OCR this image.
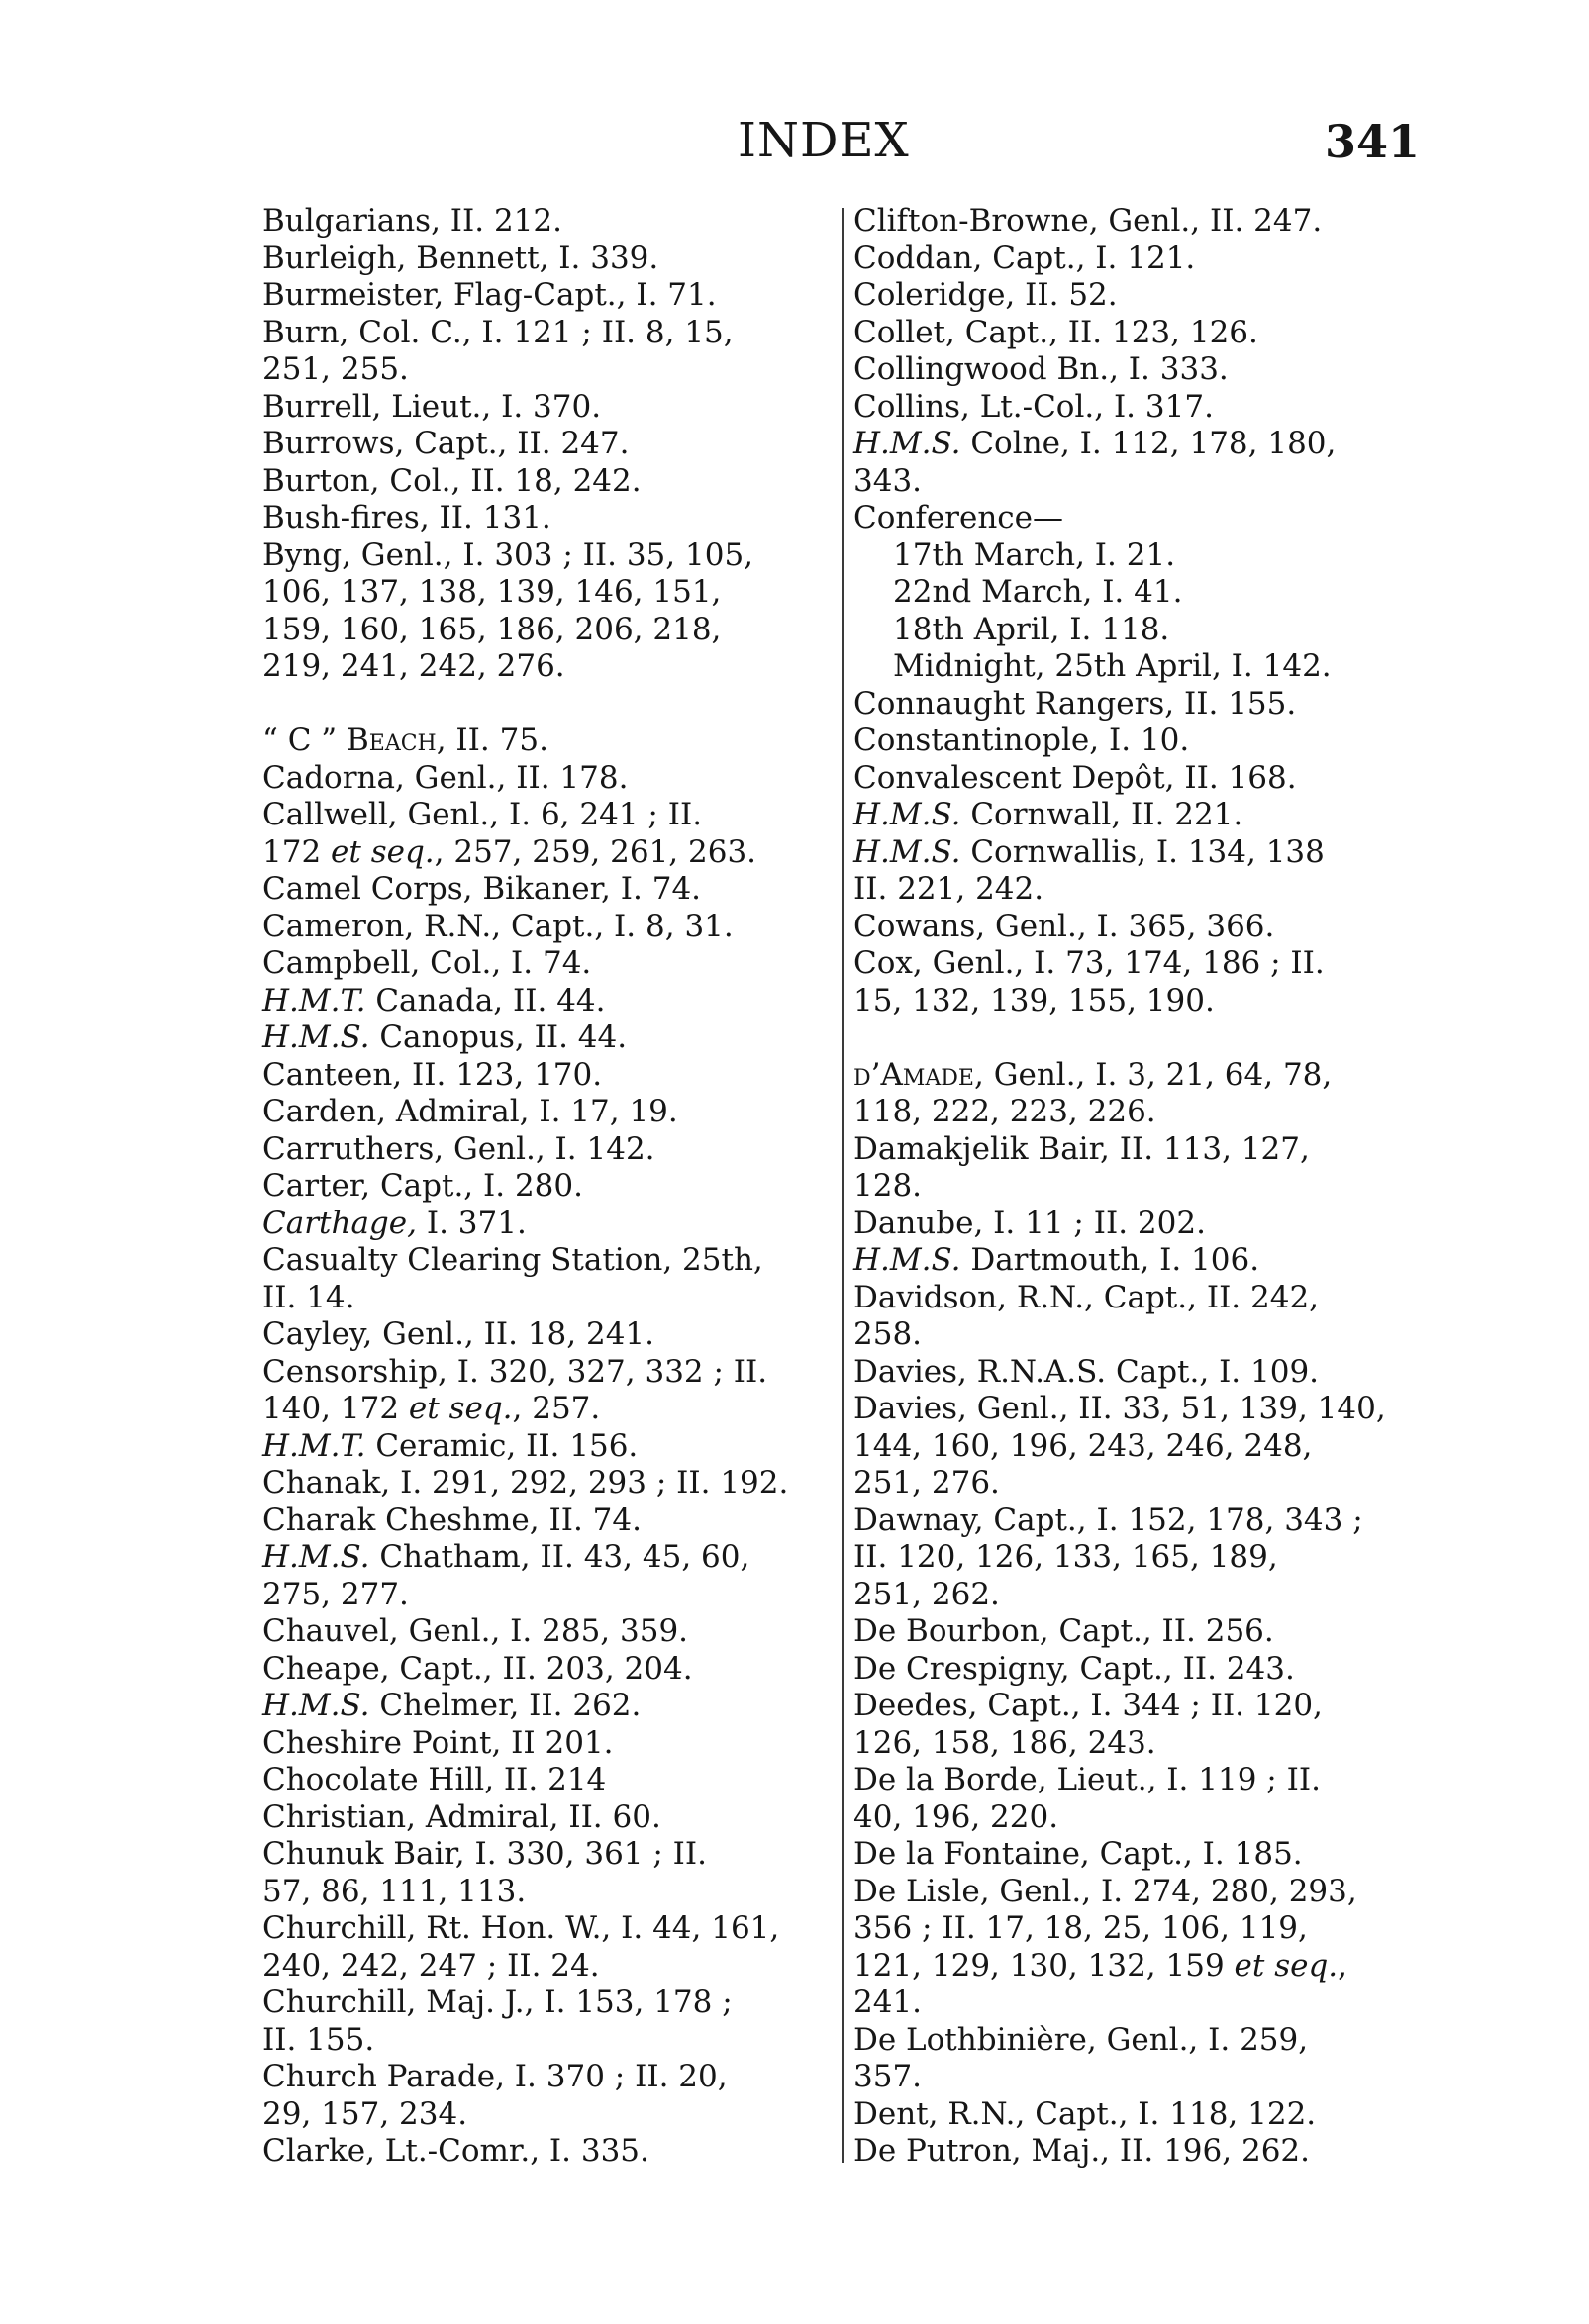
INDEX	341
Bulgarians, II. 212.
Burleigh, Bennett, I. 339.
Burmeister, Flag-Capt., I. 71.
Burn, Col. C., I. 121 ; II. 8, 15,
251, 255.
Burrell, Lieut., I. 370.
Burrows, Capt., II. 247.
Burton, Col., II. 18, 242.
Bush-fires, II. 131.
Byng, Genl., I. 303 ; II. 35, 105,
106, 137, 138, 139, 146, 151,
159, 160, 165, 186, 206, 218,
219, 241, 242, 276.
“ C ” Beach, II. 75.
Cadorna, Genl., II. 178.
Callwell, Genl., I. 6, 241 ; II.
172 et seq., 257, 259, 261, 263.
Camel Corps, Bikaner, I. 74.
Cameron, R.N., Capt., I. 8, 31.
Campbell, Col., I. 74.
H.M.T. Canada, II. 44.
H.M.S. Canopus, II. 44.
Canteen, II. 123, 170.
Carden, Admiral, I. 17, 19.
Carruthers, Genl., I. 142.
Carter, Capt., I. 280.
Carthage, I. 371.
Casualty Clearing Station, 25th,
II. 14.
Cayley, Genl., II. 18, 241.
Censorship, I. 320, 327, 332 ; II.
140, 172 et seq., 257.
H.M.T. Ceramic, II. 156.
Chanak, I. 291, 292, 293 ; II. 192.
Charak Cheshme, II. 74.
H.M.S. Chatham, II. 43, 45, 60,
275, 277.
Chauvel, Genl., I. 285, 359.
Cheape, Capt., II. 203, 204.
H.M.S. Chelmer, II. 262.
Cheshire Point, II 201.
Chocolate Hill, II. 214
Christian, Admiral, II. 60.
Chunuk Bair, I. 330, 361 ; II.
57, 86, 111, 113.
Churchill, Rt. Hon. W., I. 44, 161,
240, 242, 247 ; II. 24.
Churchill, Maj. J., I. 153, 178 ;
II. 155.
Church Parade, I. 370 ; II. 20,
29, 157, 234.
Clarke, Lt.-Comr., I. 335.
Clifton-Browne, Genl., II. 247.
Coddan, Capt., I. 121.
Coleridge, II. 52.
Collet, Capt., II. 123, 126.
Collingwood Bn., I. 333.
Collins, Lt.-Col., I. 317.
H.M.S. Colne, I. 112, 178, 180,
343.
Conference—
17th March, I. 21.
22nd March, I. 41.
18th April, I. 118.
Midnight, 25th April, I. 142.
Connaught Rangers, II. 155.
Constantinople, I. 10.
Convalescent Depôt, II. 168.
H.M.S. Cornwall, II. 221.
H.M.S. Cornwallis, I. 134, 138
II. 221, 242.
Cowans, Genl., I. 365, 366.
Cox, Genl., I. 73, 174, 186 ; II.
15, 132, 139, 155, 190.
d’Amade, Genl., I. 3, 21, 64, 78,
118, 222, 223, 226.
Damakjelik Bair, II. 113, 127,
128.
Danube, I. 11 ; II. 202.
H.M.S. Dartmouth, I. 106.
Davidson, R.N., Capt., II. 242,
258.
Davies, R.N.A.S. Capt., I. 109.
Davies, Genl., II. 33, 51, 139, 140,
144, 160, 196, 243, 246, 248,
251, 276.
Dawnay, Capt., I. 152, 178, 343 ;
II. 120, 126, 133, 165, 189,
251, 262.
De Bourbon, Capt., II. 256.
De Crespigny, Capt., II. 243.
Deedes, Capt., I. 344 ; II. 120,
126, 158, 186, 243.
De la Borde, Lieut., I. 119 ; II.
40, 196, 220.
De la Fontaine, Capt., I. 185.
De Lisle, Genl., I. 274, 280, 293,
356 ; II. 17, 18, 25, 106, 119,
121, 129, 130, 132, 159 et seq.,
241.
De Lothbinière, Genl., I. 259,
357.
Dent, R.N., Capt., I. 118, 122.
De Putron, Maj., II. 196, 262.
